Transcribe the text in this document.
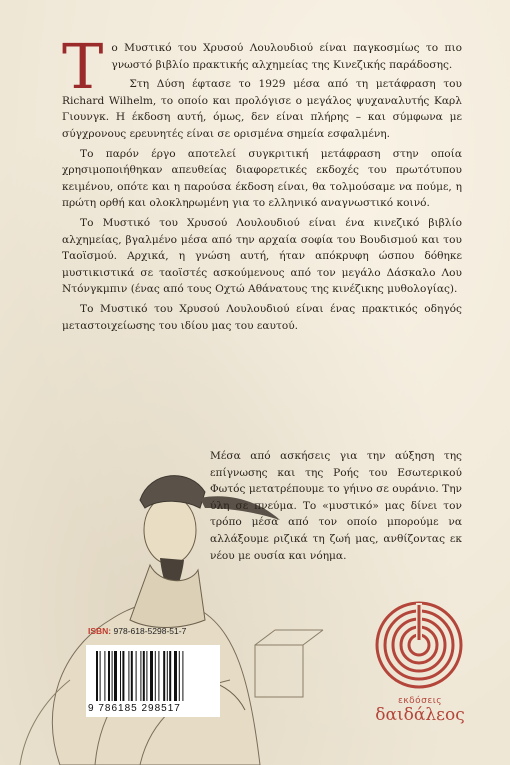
Το Μυστικό του Χρυσού Λουλουδιού είναι παγκοσμίως το πιο γνωστό βιβλίο πρακτικής αλχημείας της Κινεζικής παράδοσης.

Στη Δύση έφτασε το 1929 μέσα από τη μετάφραση του Richard Wilhelm, το οποίο και προλόγισε ο μεγάλος ψυχαναλυτής Καρλ Γιουνγκ. Η έκδοση αυτή, όμως, δεν είναι πλήρης – και σύμφωνα με σύγχρονους ερευνητές είναι σε ορισμένα σημεία εσφαλμένη.

Το παρόν έργο αποτελεί συγκριτική μετάφραση στην οποία χρησιμοποιήθηκαν απευθείας διαφορετικές εκδοχές του πρωτότυπου κειμένου, οπότε και η παρούσα έκδοση είναι, θα τολμούσαμε να πούμε, η πρώτη ορθή και ολοκληρωμένη για το ελληνικό αναγνωστικό κοινό.

Το Μυστικό του Χρυσού Λουλουδιού είναι ένα κινεζικό βιβλίο αλχημείας, βγαλμένο μέσα από την αρχαία σοφία του Βουδισμού και του Ταοϊσμού. Αρχικά, η γνώση αυτή, ήταν απόκρυφη ώσπου δόθηκε μυστικιστικά σε ταοϊστές ασκούμενους από τον μεγάλο Δάσκαλο Λου Ντόνγκμπιν (ένας από τους Οχτώ Αθάνατους της κινέζικης μυθολογίας).

Το Μυστικό του Χρυσού Λουλουδιού είναι ένας πρακτικός οδηγός μεταστοιχείωσης του ιδίου μας του εαυτού.

Μέσα από ασκήσεις για την αύξηση της επίγνωσης και της Ροής του Εσωτερικού Φωτός μετατρέπουμε το γήινο σε ουράνιο. Την ύλη σε πνεύμα. Το «μυστικό» μας δίνει τον τρόπο μέσα από τον οποίο μπορούμε να αλλάξουμε ριζικά τη ζωή μας, ανθίζοντας εκ νέου με ουσία και νόημα.

ISBN: 978-618-5298-51-7
9 786185 298517
εκδόσεις
δαιδάλεος
